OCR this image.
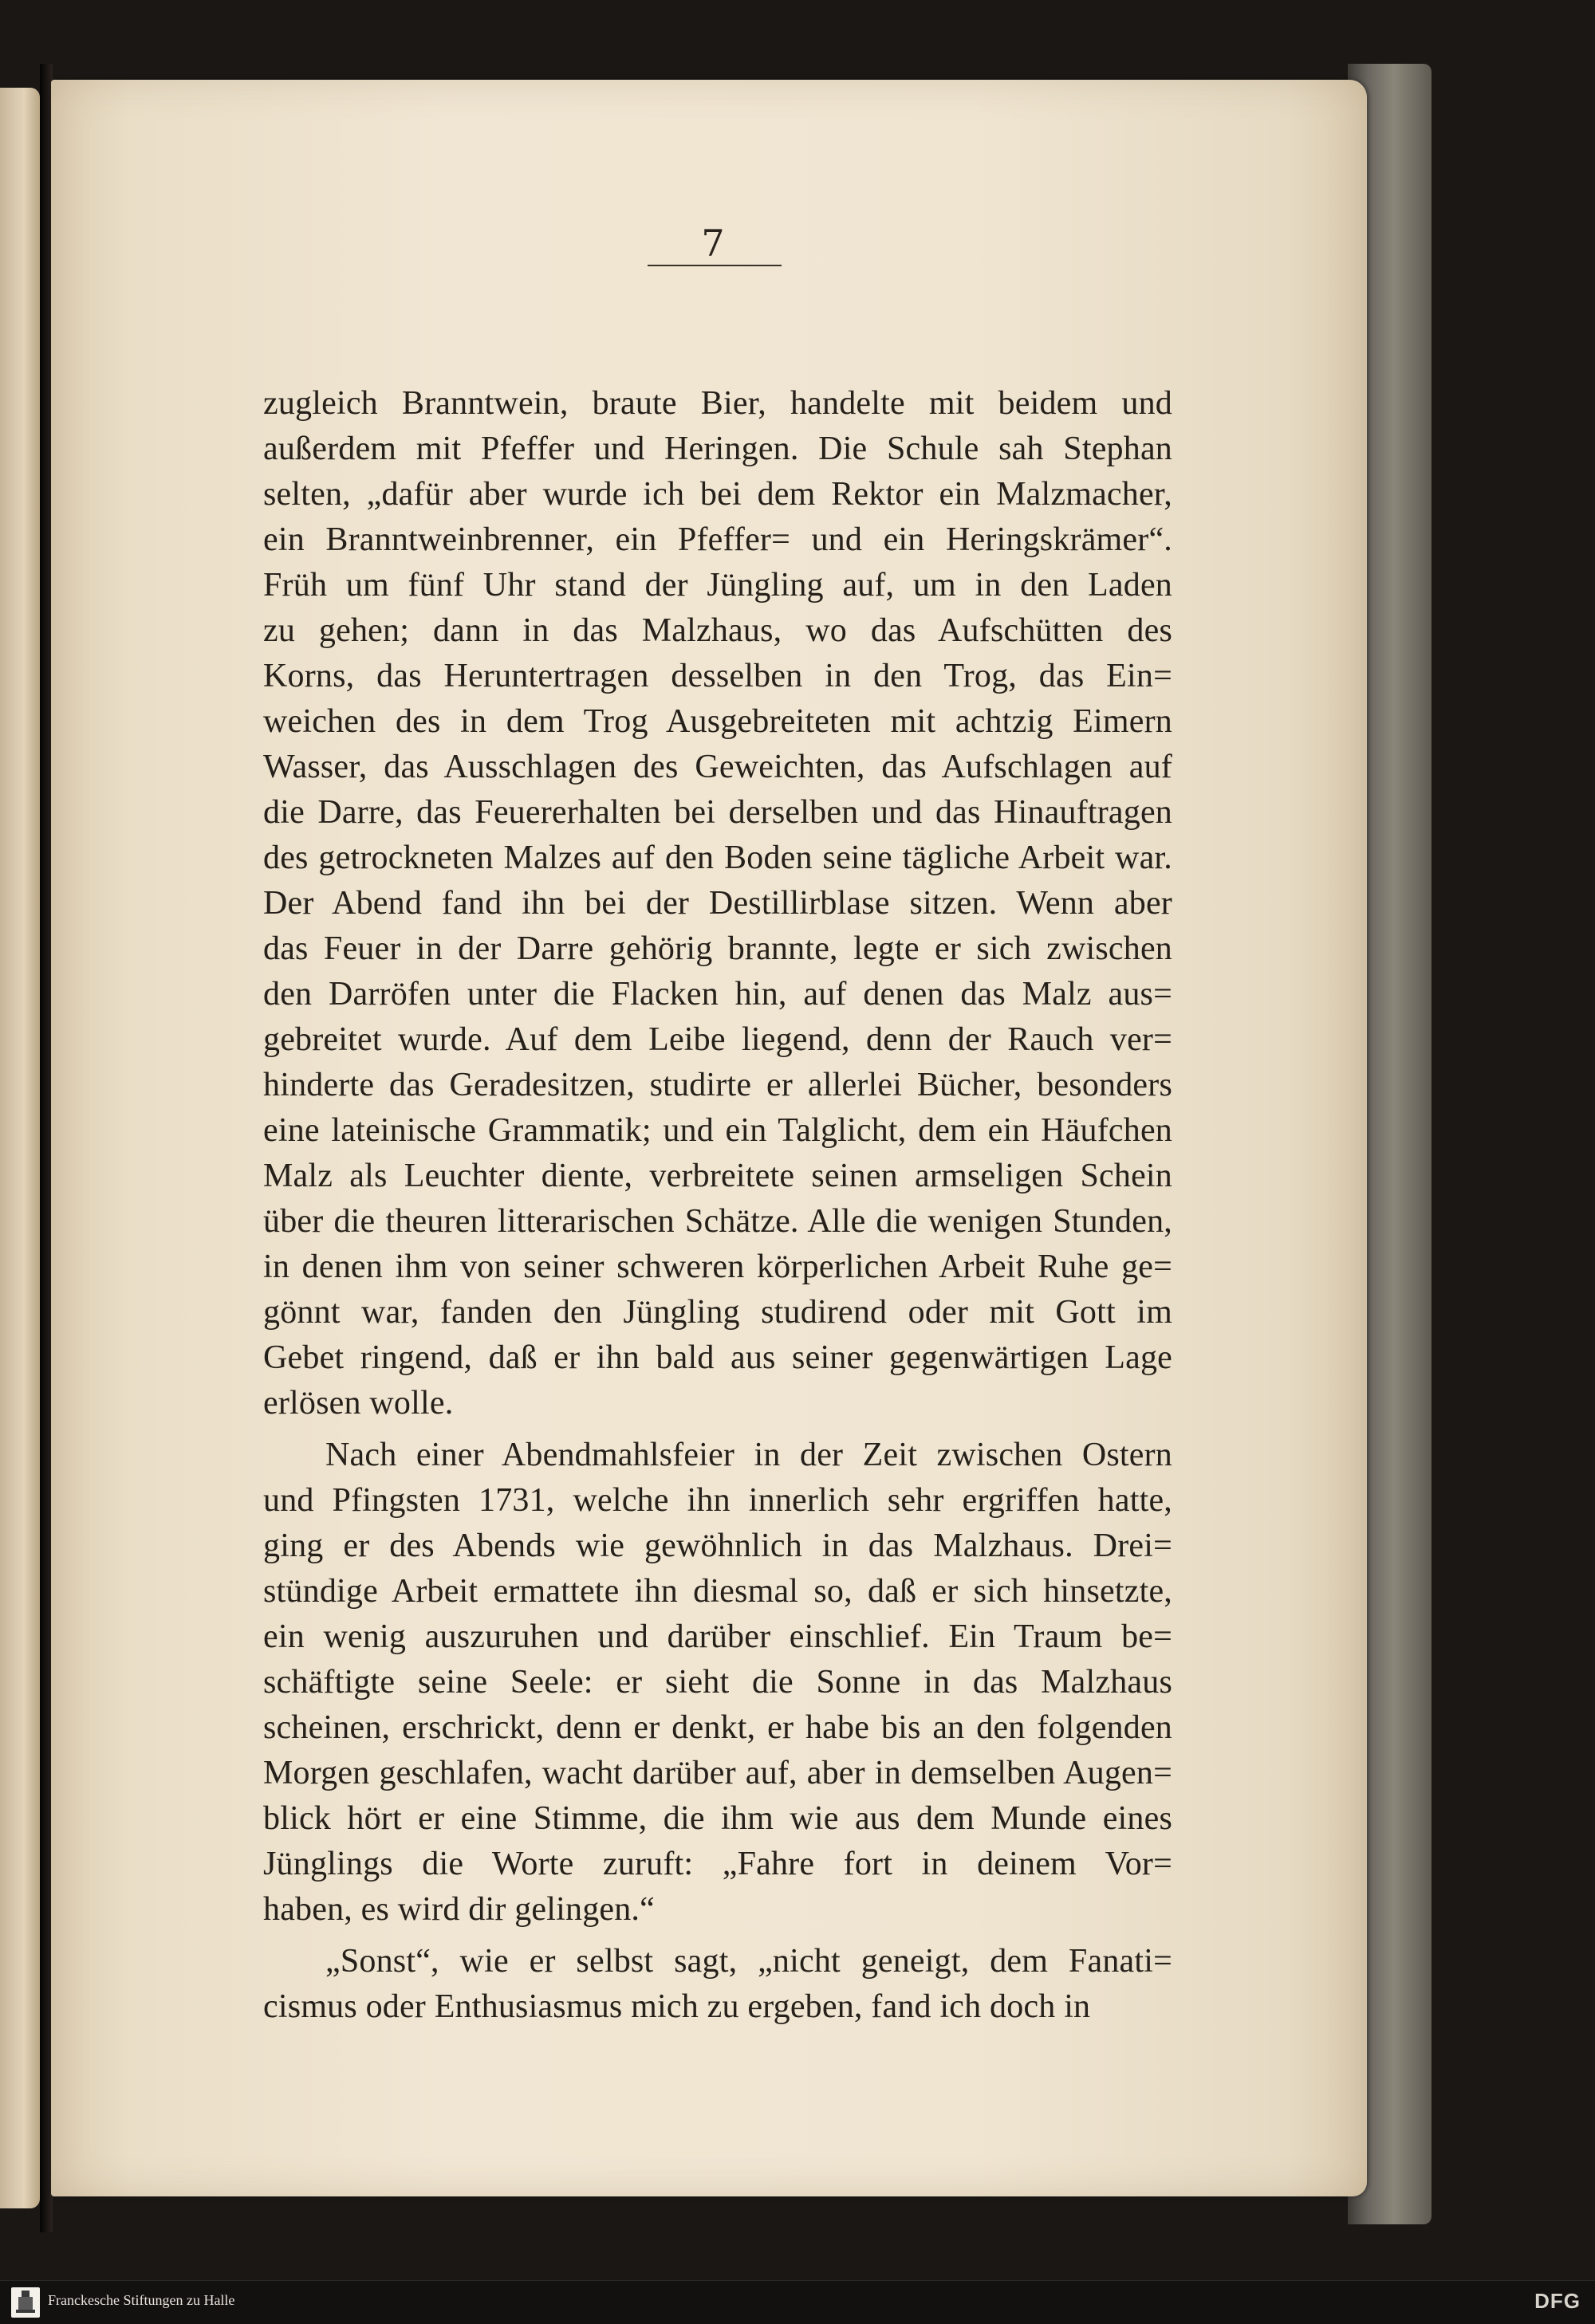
7
zugleich Branntwein, braute Bier, handelte mit beidem und
außerdem mit Pfeffer und Heringen. Die Schule sah Stephan
selten, „dafür aber wurde ich bei dem Rektor ein Malzmacher,
ein Branntweinbrenner, ein Pfeffer= und ein Heringskrämer“.
Früh um fünf Uhr stand der Jüngling auf, um in den Laden
zu gehen; dann in das Malzhaus, wo das Aufschütten des
Korns, das Heruntertragen desselben in den Trog, das Ein=
weichen des in dem Trog Ausgebreiteten mit achtzig Eimern
Wasser, das Ausschlagen des Geweichten, das Aufschlagen auf
die Darre, das Feuererhalten bei derselben und das Hinauftragen
des getrockneten Malzes auf den Boden seine tägliche Arbeit war.
Der Abend fand ihn bei der Destillirblase sitzen. Wenn aber
das Feuer in der Darre gehörig brannte, legte er sich zwischen
den Darröfen unter die Flacken hin, auf denen das Malz aus=
gebreitet wurde. Auf dem Leibe liegend, denn der Rauch ver=
hinderte das Geradesitzen, studirte er allerlei Bücher, besonders
eine lateinische Grammatik; und ein Talglicht, dem ein Häufchen
Malz als Leuchter diente, verbreitete seinen armseligen Schein
über die theuren litterarischen Schätze. Alle die wenigen Stunden,
in denen ihm von seiner schweren körperlichen Arbeit Ruhe ge=
gönnt war, fanden den Jüngling studirend oder mit Gott im
Gebet ringend, daß er ihn bald aus seiner gegenwärtigen Lage
erlösen wolle.
Nach einer Abendmahlsfeier in der Zeit zwischen Ostern
und Pfingsten 1731, welche ihn innerlich sehr ergriffen hatte,
ging er des Abends wie gewöhnlich in das Malzhaus. Drei=
stündige Arbeit ermattete ihn diesmal so, daß er sich hinsetzte,
ein wenig auszuruhen und darüber einschlief. Ein Traum be=
schäftigte seine Seele: er sieht die Sonne in das Malzhaus
scheinen, erschrickt, denn er denkt, er habe bis an den folgenden
Morgen geschlafen, wacht darüber auf, aber in demselben Augen=
blick hört er eine Stimme, die ihm wie aus dem Munde eines
Jünglings die Worte zuruft: „Fahre fort in deinem Vor=
haben, es wird dir gelingen.“
„Sonst“, wie er selbst sagt, „nicht geneigt, dem Fanati=
cismus oder Enthusiasmus mich zu ergeben, fand ich doch in
Franckesche Stiftungen zu Halle	DFG
